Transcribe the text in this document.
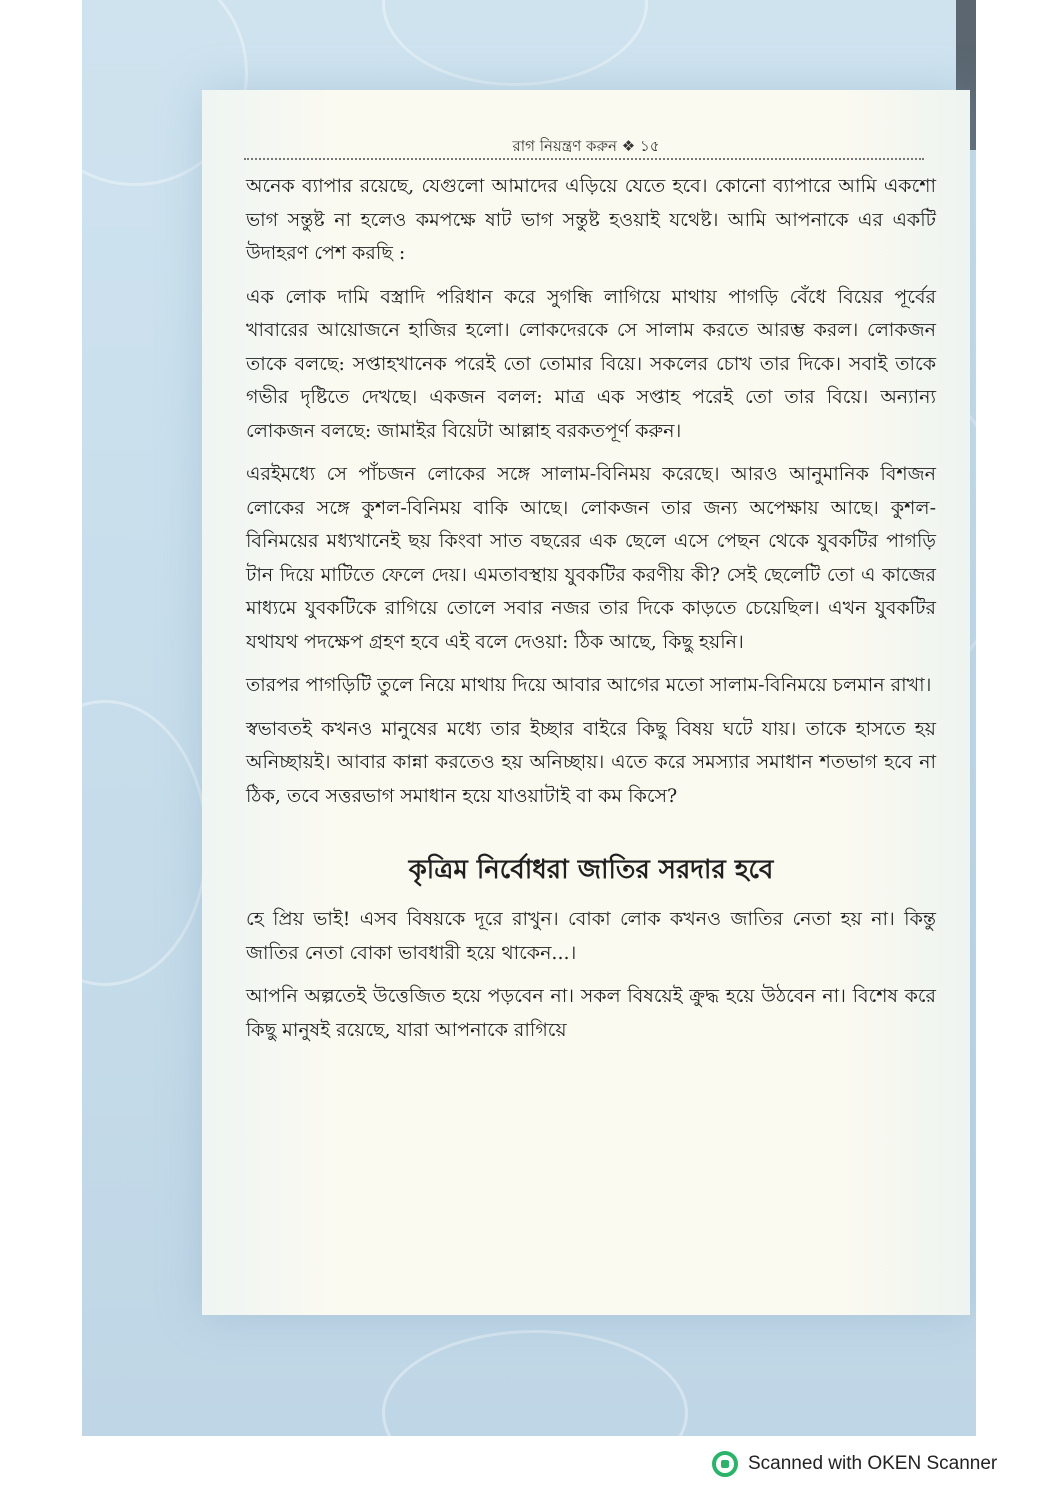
রাগ নিয়ন্ত্রণ করুন ❖ ১৫

অনেক ব্যাপার রয়েছে, যেগুলো আমাদের এড়িয়ে যেতে হবে। কোনো ব্যাপারে আমি একশো ভাগ সন্তুষ্ট না হলেও কমপক্ষে ষাট ভাগ সন্তুষ্ট হওয়াই যথেষ্ট। আমি আপনাকে এর একটি উদাহরণ পেশ করছি :

এক লোক দামি বস্ত্রাদি পরিধান করে সুগন্ধি লাগিয়ে মাথায় পাগড়ি বেঁধে বিয়ের পূর্বের খাবারের আয়োজনে হাজির হলো। লোকদেরকে সে সালাম করতে আরম্ভ করল। লোকজন তাকে বলছে: সপ্তাহখানেক পরেই তো তোমার বিয়ে। সকলের চোখ তার দিকে। সবাই তাকে গভীর দৃষ্টিতে দেখছে। একজন বলল: মাত্র এক সপ্তাহ পরেই তো তার বিয়ে। অন্যান্য লোকজন বলছে: জামাইর বিয়েটা আল্লাহ বরকতপূর্ণ করুন।

এরইমধ্যে সে পাঁচজন লোকের সঙ্গে সালাম-বিনিময় করেছে। আরও আনুমানিক বিশজন লোকের সঙ্গে কুশল-বিনিময় বাকি আছে। লোকজন তার জন্য অপেক্ষায় আছে। কুশল-বিনিময়ের মধ্যখানেই ছয় কিংবা সাত বছরের এক ছেলে এসে পেছন থেকে যুবকটির পাগড়ি টান দিয়ে মাটিতে ফেলে দেয়। এমতাবস্থায় যুবকটির করণীয় কী? সেই ছেলেটি তো এ কাজের মাধ্যমে যুবকটিকে রাগিয়ে তোলে সবার নজর তার দিকে কাড়তে চেয়েছিল। এখন যুবকটির যথাযথ পদক্ষেপ গ্রহণ হবে এই বলে দেওয়া: ঠিক আছে, কিছু হয়নি।

তারপর পাগড়িটি তুলে নিয়ে মাথায় দিয়ে আবার আগের মতো সালাম-বিনিময়ে চলমান রাখা।

স্বভাবতই কখনও মানুষের মধ্যে তার ইচ্ছার বাইরে কিছু বিষয় ঘটে যায়। তাকে হাসতে হয় অনিচ্ছায়ই। আবার কান্না করতেও হয় অনিচ্ছায়। এতে করে সমস্যার সমাধান শতভাগ হবে না ঠিক, তবে সত্তরভাগ সমাধান হয়ে যাওয়াটাই বা কম কিসে?

কৃত্রিম নির্বোধরা জাতির সরদার হবে

হে প্রিয় ভাই! এসব বিষয়কে দূরে রাখুন। বোকা লোক কখনও জাতির নেতা হয় না। কিন্তু জাতির নেতা বোকা ভাবধারী হয়ে থাকেন...।

আপনি অল্পতেই উত্তেজিত হয়ে পড়বেন না। সকল বিষয়েই ক্রুদ্ধ হয়ে উঠবেন না। বিশেষ করে কিছু মানুষই রয়েছে, যারা আপনাকে রাগিয়ে

Scanned with OKEN Scanner
